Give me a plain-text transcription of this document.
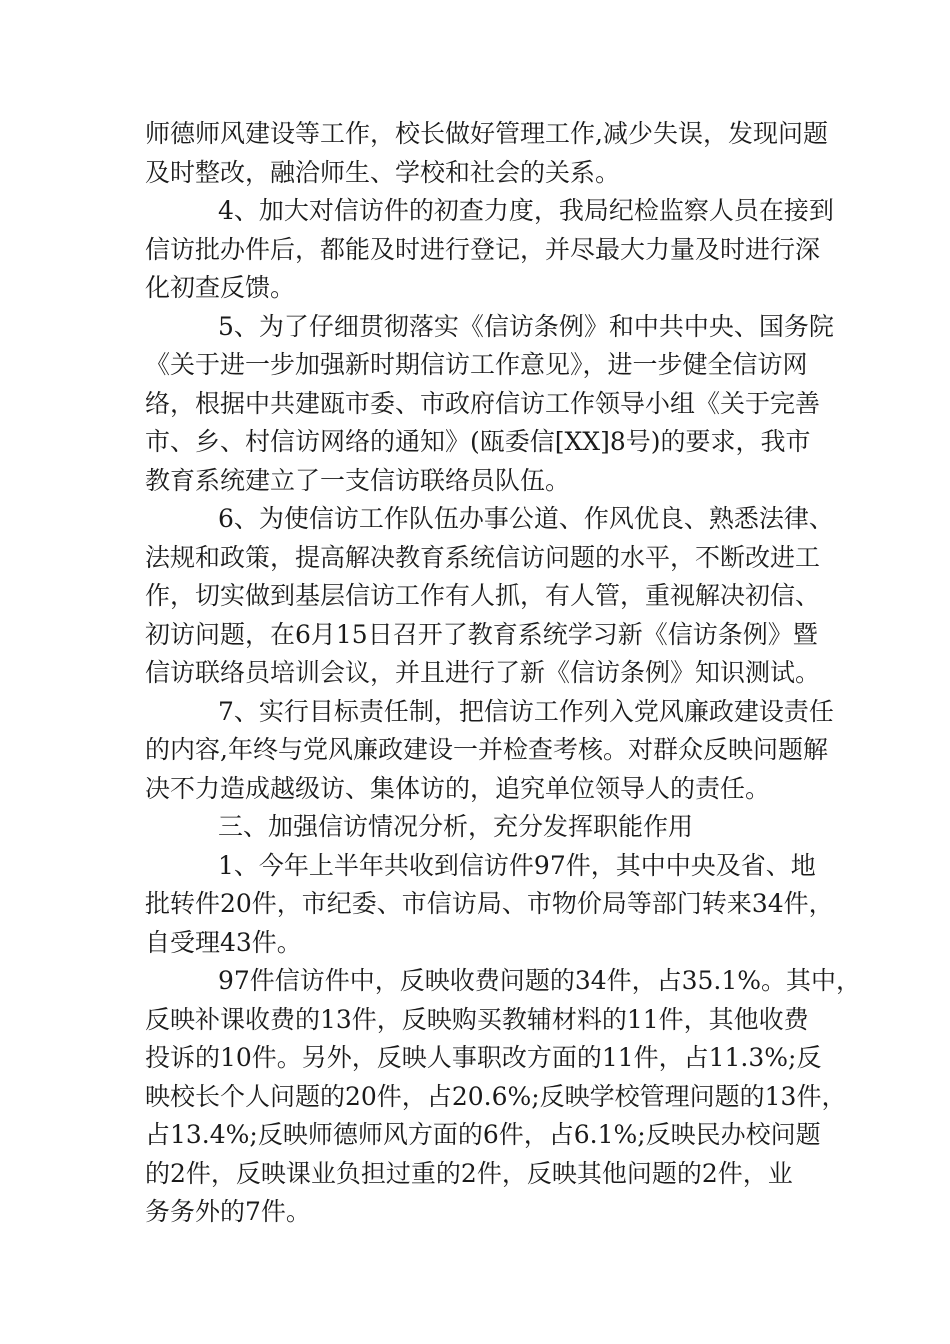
师德师风建设等工作，校长做好管理工作,减少失误，发现问题
及时整改，融洽师生、学校和社会的关系。
4、加大对信访件的初查力度，我局纪检监察人员在接到
信访批办件后，都能及时进行登记，并尽最大力量及时进行深
化初查反馈。
5、为了仔细贯彻落实《信访条例》和中共中央、国务院
《关于进一步加强新时期信访工作意见》，进一步健全信访网
络，根据中共建瓯市委、市政府信访工作领导小组《关于完善
市、乡、村信访网络的通知》(瓯委信[XX]8号)的要求，我市
教育系统建立了一支信访联络员队伍。
6、为使信访工作队伍办事公道、作风优良、熟悉法律、
法规和政策，提高解决教育系统信访问题的水平，不断改进工
作，切实做到基层信访工作有人抓，有人管，重视解决初信、
初访问题，在6月15日召开了教育系统学习新《信访条例》暨
信访联络员培训会议，并且进行了新《信访条例》知识测试。
7、实行目标责任制，把信访工作列入党风廉政建设责任
的内容,年终与党风廉政建设一并检查考核。对群众反映问题解
决不力造成越级访、集体访的，追究单位领导人的责任。
三、加强信访情况分析，充分发挥职能作用
1、今年上半年共收到信访件97件，其中中央及省、地
批转件20件，市纪委、市信访局、市物价局等部门转来34件，
自受理43件。
97件信访件中，反映收费问题的34件，占35.1%。其中，
反映补课收费的13件，反映购买教辅材料的11件，其他收费
投诉的10件。另外，反映人事职改方面的11件，占11.3%;反
映校长个人问题的20件，占20.6%;反映学校管理问题的13件，
占13.4%;反映师德师风方面的6件，占6.1%;反映民办校问题
的2件，反映课业负担过重的2件，反映其他问题的2件，业
务务外的7件。
